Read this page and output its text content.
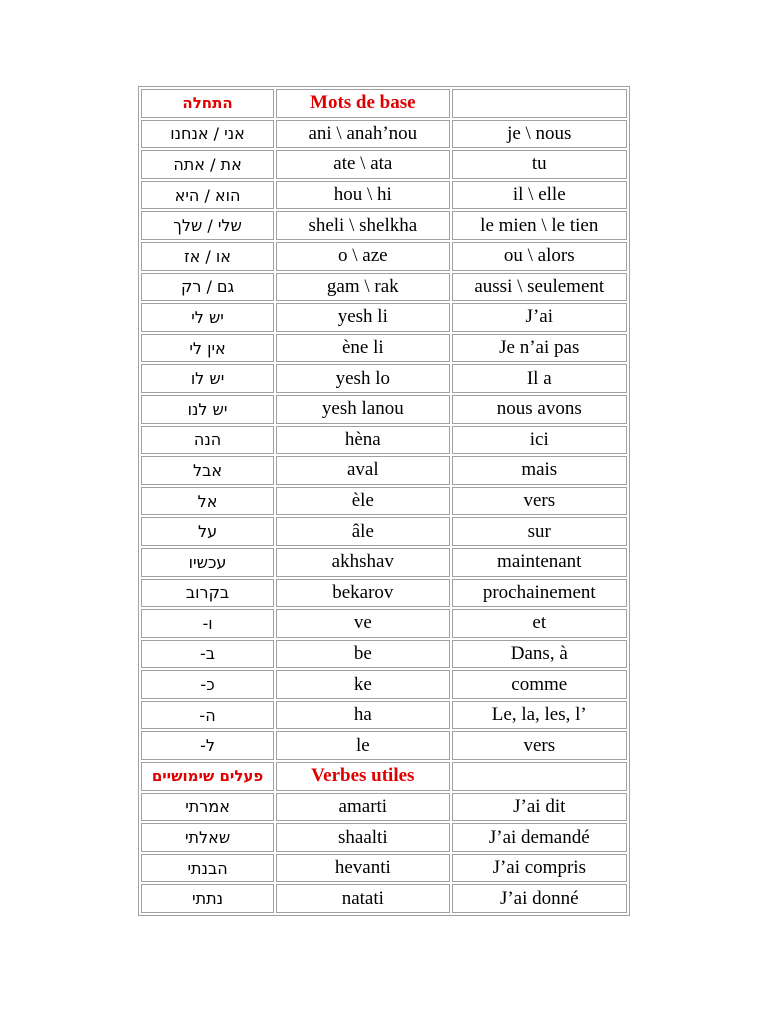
התחלה	Mots de base	
אני / אנחנו	ani \ anah’nou	je \ nous
את / אתה	ate \ ata	tu
הוא / היא	hou \ hi	il \ elle
שלי / שלך	sheli \ shelkha	le mien \ le tien
או / אז	o \ aze	ou \ alors
גם / רק	gam \ rak	aussi \ seulement
יש לי	yesh li	J’ai
אין לי	ène li	Je n’ai pas
יש לו	yesh lo	Il a
יש לנו	yesh lanou	nous avons
הנה	hèna	ici
אבל	aval	mais
אל	èle	vers
על	âle	sur
עכשיו	akhshav	maintenant
בקרוב	bekarov	prochainement
ו-	ve	et
ב-	be	Dans, à
כ-	ke	comme
ה-	ha	Le, la, les, l’
ל-	le	vers
פעלים שימושיים	Verbes utiles	
אמרתי	amarti	J’ai dit
שאלתי	shaalti	J’ai demandé
הבנתי	hevanti	J’ai compris
נתתי	natati	J’ai donné
